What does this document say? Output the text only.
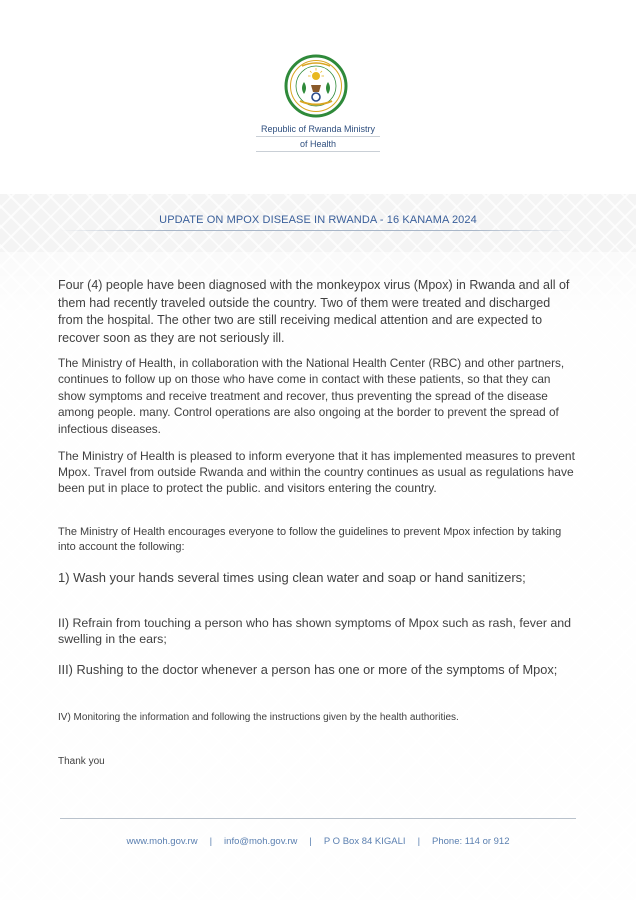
Republic of Rwanda Ministry
of Health
UPDATE ON MPOX DISEASE IN RWANDA - 16 KANAMA 2024
Four (4) people have been diagnosed with the monkeypox virus (Mpox) in Rwanda and all of them had recently traveled outside the country. Two of them were treated and discharged from the hospital. The other two are still receiving medical attention and are expected to recover soon as they are not seriously ill.
The Ministry of Health, in collaboration with the National Health Center (RBC) and other partners, continues to follow up on those who have come in contact with these patients, so that they can show symptoms and receive treatment and recover, thus preventing the spread of the disease among people. many. Control operations are also ongoing at the border to prevent the spread of infectious diseases.
The Ministry of Health is pleased to inform everyone that it has implemented measures to prevent Mpox. Travel from outside Rwanda and within the country continues as usual as regulations have been put in place to protect the public. and visitors entering the country.
The Ministry of Health encourages everyone to follow the guidelines to prevent Mpox infection by taking into account the following:
1) Wash your hands several times using clean water and soap or hand sanitizers;
II) Refrain from touching a person who has shown symptoms of Mpox such as rash, fever and swelling in the ears;
III) Rushing to the doctor whenever a person has one or more of the symptoms of Mpox;
IV) Monitoring the information and following the instructions given by the health authorities.
Thank you
www.moh.gov.rw | info@moh.gov.rw | P O Box 84 KIGALI | Phone: 114 or 912
